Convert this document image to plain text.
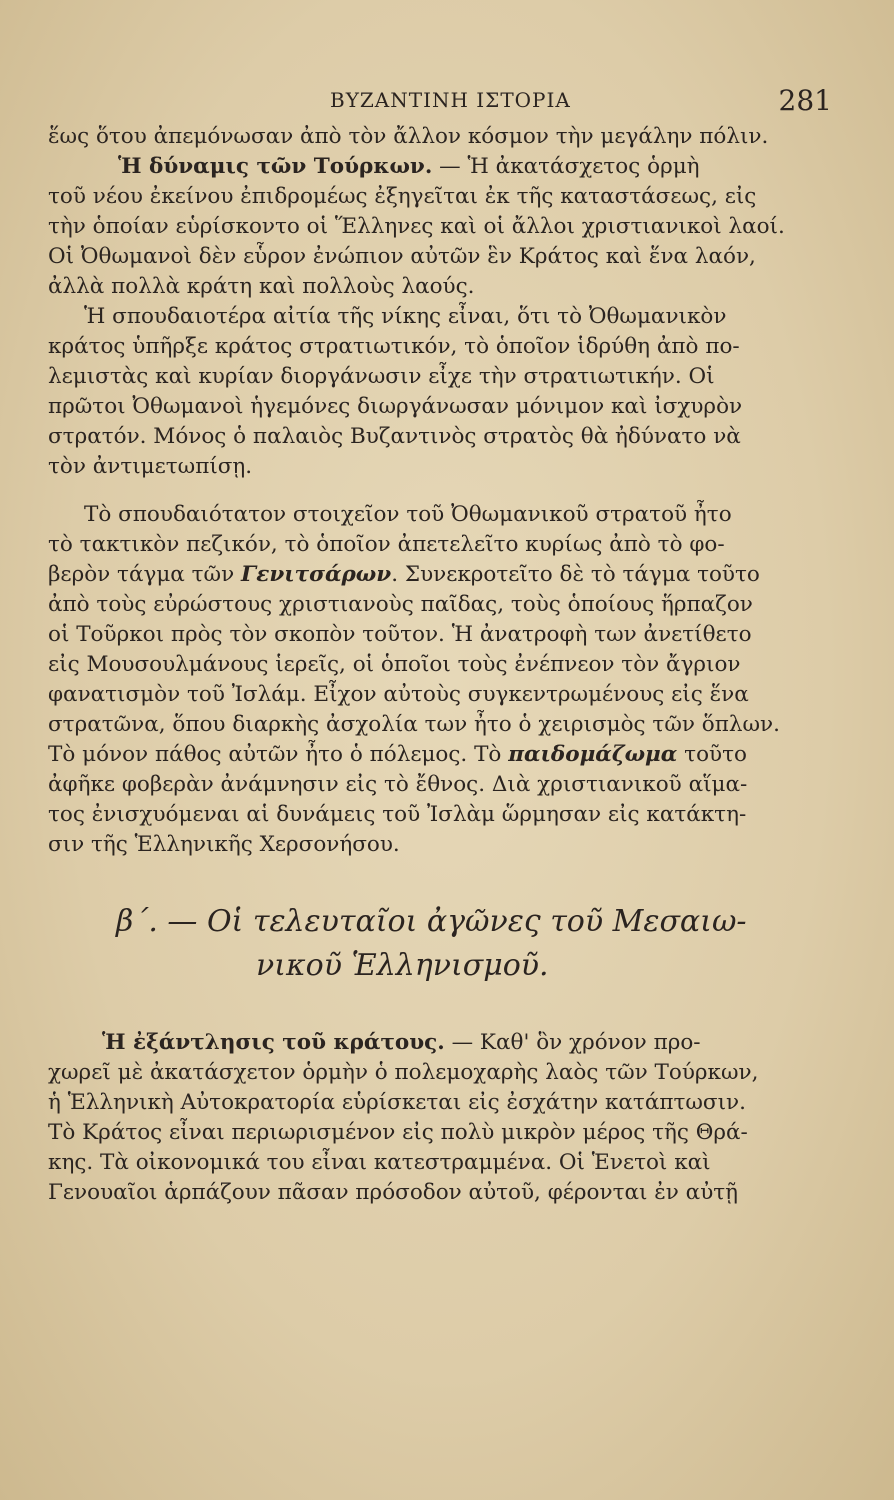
ΒΥΖΑΝΤΙΝΗ ΙΣΤΟΡΙΑ	281
ἕως ὅτου ἀπεμόνωσαν ἀπὸ τὸν ἄλλον κόσμον τὴν μεγάλην πόλιν.
Ἡ δύναμις τῶν Τούρκων. — Ἡ ἀκατάσχετος ὁρμὴ
τοῦ νέου ἐκείνου ἐπιδρομέως ἐξηγεῖται ἐκ τῆς καταστάσεως, εἰς
τὴν ὁποίαν εὑρίσκοντο οἱ Ἕλληνες καὶ οἱ ἄλλοι χριστιανικοὶ λαοί.
Οἱ Ὀθωμανοὶ δὲν εὗρον ἐνώπιον αὐτῶν ἓν Κράτος καὶ ἕνα λαόν,
ἀλλὰ πολλὰ κράτη καὶ πολλοὺς λαούς.
Ἡ σπουδαιοτέρα αἰτία τῆς νίκης εἶναι, ὅτι τὸ Ὀθωμανικὸν
κράτος ὑπῆρξε κράτος στρατιωτικόν, τὸ ὁποῖον ἱδρύθη ἀπὸ πο-
λεμιστὰς καὶ κυρίαν διοργάνωσιν εἶχε τὴν στρατιωτικήν. Οἱ
πρῶτοι Ὀθωμανοὶ ἡγεμόνες διωργάνωσαν μόνιμον καὶ ἰσχυρὸν
στρατόν. Μόνος ὁ παλαιὸς Βυζαντινὸς στρατὸς θὰ ἠδύνατο νὰ
τὸν ἀντιμετωπίσῃ.
Τὸ σπουδαιότατον στοιχεῖον τοῦ Ὀθωμανικοῦ στρατοῦ ἦτο
τὸ τακτικὸν πεζικόν, τὸ ὁποῖον ἀπετελεῖτο κυρίως ἀπὸ τὸ φο-
βερὸν τάγμα τῶν Γενιτσάρων. Συνεκροτεῖτο δὲ τὸ τάγμα τοῦτο
ἀπὸ τοὺς εὐρώστους χριστιανοὺς παῖδας, τοὺς ὁποίους ἥρπαζον
οἱ Τοῦρκοι πρὸς τὸν σκοπὸν τοῦτον. Ἡ ἀνατροφὴ των ἀνετίθετο
εἰς Μουσουλμάνους ἱερεῖς, οἱ ὁποῖοι τοὺς ἐνέπνεον τὸν ἄγριον
φανατισμὸν τοῦ Ἰσλάμ. Εἶχον αὐτοὺς συγκεντρωμένους εἰς ἕνα
στρατῶνα, ὅπου διαρκὴς ἀσχολία των ἦτο ὁ χειρισμὸς τῶν ὅπλων.
Τὸ μόνον πάθος αὐτῶν ἦτο ὁ πόλεμος. Τὸ παιδομάζωμα τοῦτο
ἀφῆκε φοβερὰν ἀνάμνησιν εἰς τὸ ἔθνος. Διὰ χριστιανικοῦ αἵμα-
τος ἐνισχυόμεναι αἱ δυνάμεις τοῦ Ἰσλὰμ ὥρμησαν εἰς κατάκτη-
σιν τῆς Ἑλληνικῆς Χερσονήσου.
β΄. — Οἱ τελευταῖοι ἀγῶνες τοῦ Μεσαιω-
νικοῦ Ἑλληνισμοῦ.
Ἡ ἐξάντλησις τοῦ κράτους. — Καθ' ὃν χρόνον προ-
χωρεῖ μὲ ἀκατάσχετον ὁρμὴν ὁ πολεμοχαρὴς λαὸς τῶν Τούρκων,
ἡ Ἑλληνικὴ Αὐτοκρατορία εὑρίσκεται εἰς ἐσχάτην κατάπτωσιν.
Τὸ Κράτος εἶναι περιωρισμένον εἰς πολὺ μικρὸν μέρος τῆς Θρά-
κης. Τὰ οἰκονομικά του εἶναι κατεστραμμένα. Οἱ Ἑνετοὶ καὶ
Γενουαῖοι ἁρπάζουν πᾶσαν πρόσοδον αὐτοῦ, φέρονται ἐν αὐτῇ
